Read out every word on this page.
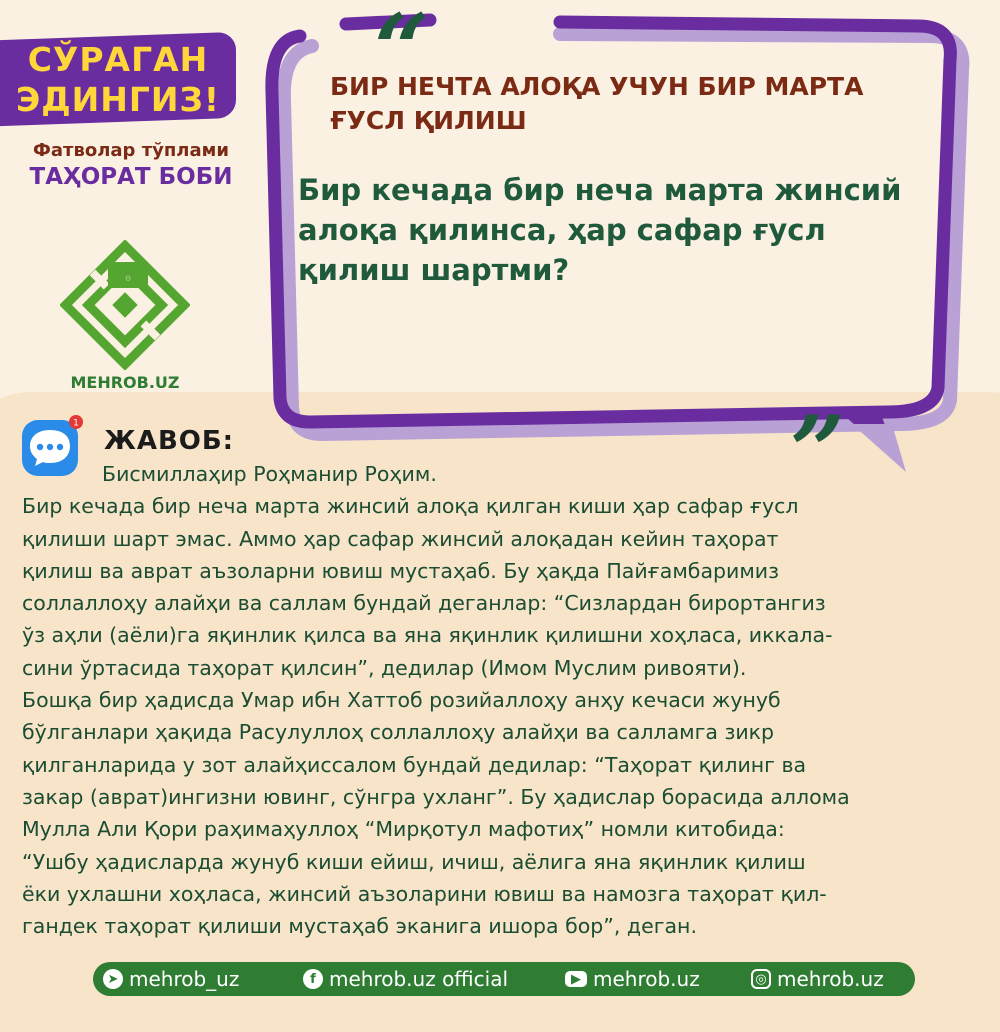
СЎРАГАН
ЭДИНГИЗ!
Фатволар тўплами
ТАҲОРАТ БОБИ
۞
MEHROB.UZ
“
”
БИР НЕЧТА АЛОҚА УЧУН БИР МАРТА
ҒУСЛ ҚИЛИШ
Бир кечада бир неча марта жинсий
алоқа қилинса, ҳар сафар ғусл
қилиш шартми?
1
ЖАВОБ:
Бисмиллаҳир Роҳманир Роҳим.
Бир кечада бир неча марта жинсий алоқа қилган киши ҳар сафар ғусл
қилиши шарт эмас. Аммо ҳар сафар жинсий алоқадан кейин таҳорат
қилиш ва аврат аъзоларни ювиш мустаҳаб. Бу ҳақда Пайғамбаримиз
соллаллоҳу алайҳи ва саллам бундай деганлар: “Сизлардан бирортангиз
ўз аҳли (аёли)га яқинлик қилса ва яна яқинлик қилишни хоҳласа, иккала-
сини ўртасида таҳорат қилсин”, дедилар (Имом Муслим ривояти).
Бошқа бир ҳадисда Умар ибн Хаттоб розийаллоҳу анҳу кечаси жунуб
бўлганлари ҳақида Расулуллоҳ соллаллоҳу алайҳи ва салламга зикр
қилганларида у зот алайҳиссалом бундай дедилар: “Таҳорат қилинг ва
закар (аврат)ингизни ювинг, сўнгра ухланг”. Бу ҳадислар борасида аллома
Мулла Али Қори раҳимаҳуллоҳ “Мирқотул мафотиҳ” номли китобида:
“Ушбу ҳадисларда жунуб киши ейиш, ичиш, аёлига яна яқинлик қилиш
ёки ухлашни хоҳласа, жинсий аъзоларини ювиш ва намозга таҳорат қил-
гандек таҳорат қилиши мустаҳаб эканига ишора бор”, деган.
➤ mehrob_uz	f mehrob.uz official	▶ mehrob.uz	◎ mehrob.uz
